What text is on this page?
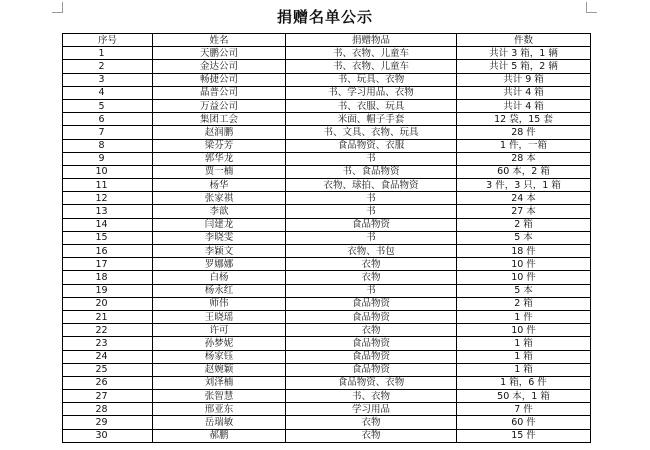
捐赠名单公示
序号	姓名	捐赠物品	件数
1	天鹏公司	书、衣物、儿童车	共计 3 箱，1 辆
2	金达公司	书、衣物、儿童车	共计 5 箱，2 辆
3	畅捷公司	书、玩具、衣物	共计 9 箱
4	晶普公司	书、学习用品、衣物	共计 4 箱
5	万益公司	书、衣服、玩具	共计 4 箱
6	集团工会	米面、帽子手套	12 袋，15 套
7	赵润鹏	书、文具、衣物、玩具	28 件
8	梁芬芳	食品物资、衣服	1 件，一箱
9	郭华龙	书	28 本
10	贾一楠	书、食品物资	60 本，2 箱
11	杨华	衣物、球拍、食品物资	3 件，3 只，1 箱
12	张家祺	书	24 本
13	李歆	书	27 本
14	闫建龙	食品物资	2 箱
15	李晓雯	书	5 本
16	李颖文	衣物、书包	18 件
17	罗娜娜	衣物	10 件
18	白杨	衣物	10 件
19	杨永红	书	5 本
20	师伟	食品物资	2 箱
21	王晓瑶	食品物资	1 件
22	许可	衣物	10 件
23	孙梦妮	食品物资	1 箱
24	杨家钰	食品物资	1 箱
25	赵婉颖	食品物资	1 箱
26	刘泽楠	食品物资、衣物	1 箱，6 件
27	张智慧	书、衣物	50 本，1 箱
28	邢亚东	学习用品	7 件
29	岳瑞敏	衣物	60 件
30	郝鹏	衣物	15 件
